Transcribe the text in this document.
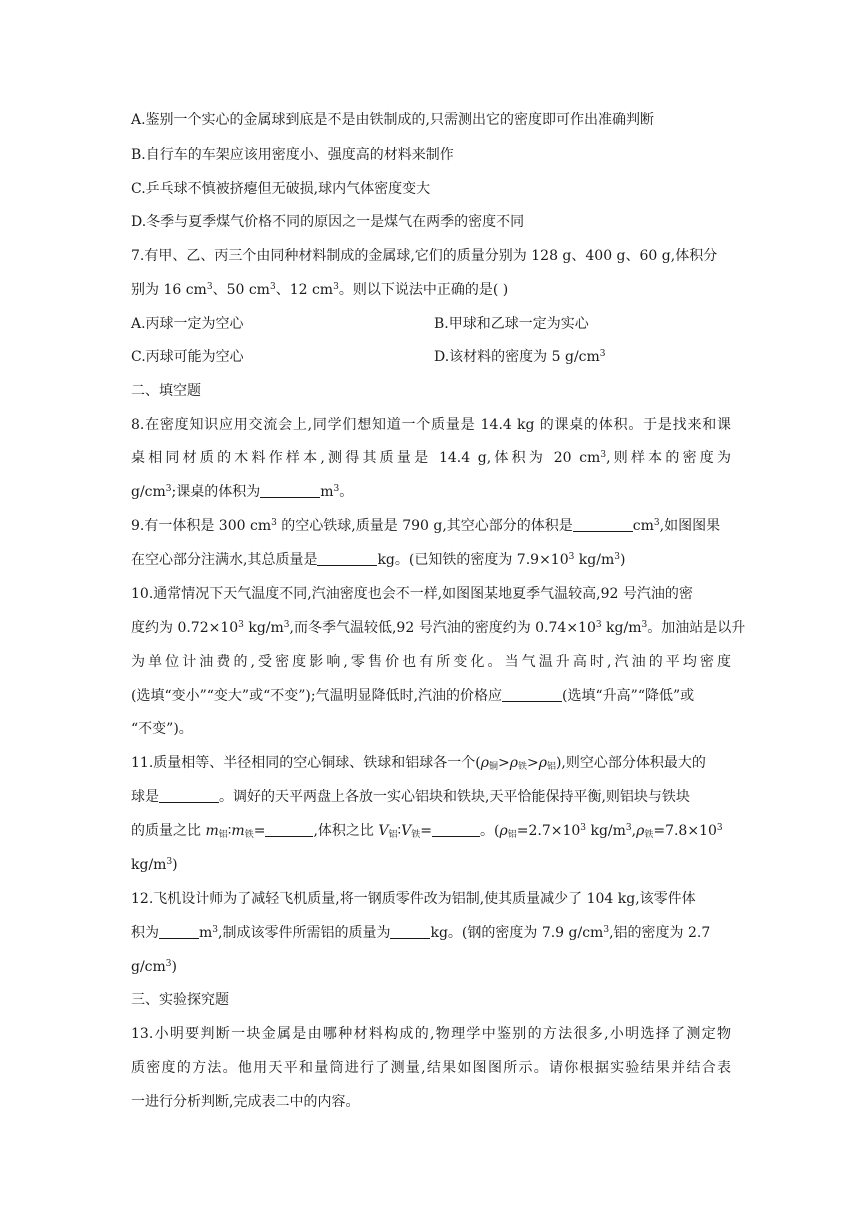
A.鉴别一个实心的金属球到底是不是由铁制成的,只需测出它的密度即可作出准确判断
B.自行车的车架应该用密度小、强度高的材料来制作
C.乒乓球不慎被挤瘪但无破损,球内气体密度变大
D.冬季与夏季煤气价格不同的原因之一是煤气在两季的密度不同
7.有甲、乙、丙三个由同种材料制成的金属球,它们的质量分别为 128 g、400 g、60 g,体积分
别为 16 $cm^3$、50 $cm^3$、12 $cm^3$。则以下说法中正确的是( )
A.丙球一定为空心	B.甲球和乙球一定为实心
C.丙球可能为空心	D.该材料的密度为 5 $g/cm^3$
二、填空题
8.在密度知识应用交流会上,同学们想知道一个质量是 14.4 kg 的课桌的体积。于是找来和课
桌相同材质的木料作样本,测得其质量是 14.4 g,体积为 20 $cm^3$,则样本的密度为
$g/cm^3$;课桌的体积为	$m^3$。
9.有一体积是 300 $cm^3$ 的空心铁球,质量是 790 g,其空心部分的体积是	$cm^3$,如图图果
在空心部分注满水,其总质量是	kg。(已知铁的密度为 $7.9\times 10^3$ $kg/m^3$)
10.通常情况下天气温度不同,汽油密度也会不一样,如图图某地夏季气温较高,92 号汽油的密
度约为 $0.72\times 10^3$ $kg/m^3$,而冬季气温较低,92 号汽油的密度约为 $0.74\times 10^3$ $kg/m^3$。加油站是以升
为单位计油费的,受密度影响,零售价也有所变化。当气温升高时,汽油的平均密度
(选填“变小”“变大”或“不变”);气温明显降低时,汽油的价格应	(选填“升高”“降低”或
“不变”)。
11.质量相等、半径相同的空心铜球、铁球和铝球各一个$(\rho_铜>\rho_铁>\rho_铝)$,则空心部分体积最大的
球是	。调好的天平两盘上各放一实心铝块和铁块,天平恰能保持平衡,则铝块与铁块
的质量之比 $m_铝∶m_铁=$	,体积之比 $V_铝∶V_铁=$	。($\rho_铝=2.7\times 10^3$ $kg/m^3,\rho_铁=7.8\times 10^3$
$kg/m^3$)
12.飞机设计师为了减轻飞机质量,将一钢质零件改为铝制,使其质量减少了 104 kg,该零件体
积为	$m^3$,制成该零件所需铝的质量为	kg。(钢的密度为 7.9 $g/cm^3$,铝的密度为 2.7
$g/cm^3$)
三、实验探究题
13.小明要判断一块金属是由哪种材料构成的,物理学中鉴别的方法很多,小明选择了测定物
质密度的方法。他用天平和量筒进行了测量,结果如图图所示。请你根据实验结果并结合表
一进行分析判断,完成表二中的内容。
